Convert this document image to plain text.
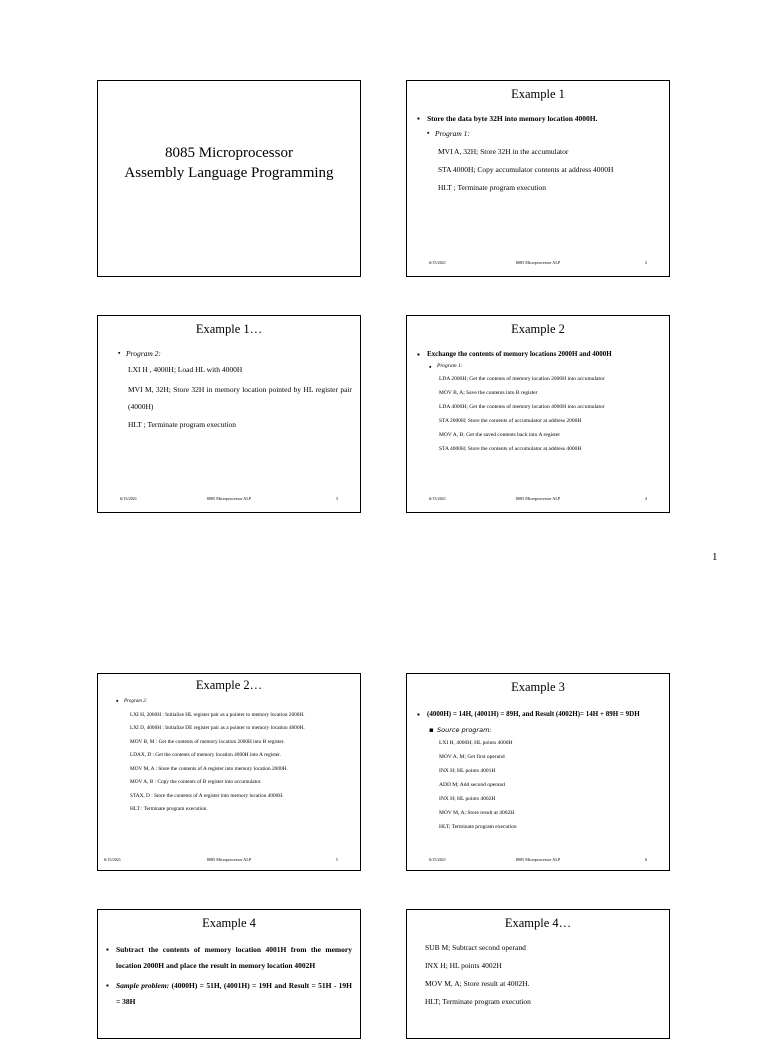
8085 Microprocessor
Assembly Language Programming
Example 1
▪ Store the data byte 32H into memory location 4000H.
▪ Program 1:
MVI A, 32H; Store 32H in the accumulator
STA 4000H; Copy accumulator contents at address 4000H
HLT ; Terminate program execution
6/15/2021	8085 Microprocessor ALP	2
Example 1…
▪ Program 2:
LXI H , 4000H; Load HL with 4000H
MVI M, 32H; Store 32H in memory location pointed by HL register pair (4000H)
HLT ; Terminate program execution
6/15/2021	8085 Microprocessor ALP	3
Example 2
▪ Exchange the contents of memory locations 2000H and 4000H
▪ Program 1:
LDA 2000H; Get the contents of memory location 2000H into accumulator
MOV B, A; Save the contents into B register
LDA 4000H; Get the contents of memory location 4000H into accumulator
STA 2000H; Store the contents of accumulator at address 2000H
MOV A, B; Get the saved contents back into A register
STA 4000H; Store the contents of accumulator at address 4000H
6/15/2021	8085 Microprocessor ALP	4
1
Example 2…
▪ Program 2:
LXI H, 2000H : Initialize HL register pair as a pointer to memory location 2000H.
LXI D, 4000H : Initialize DE register pair as a pointer to memory location 4000H.
MOV B, M : Get the contents of memory location 2000H into B register.
LDAX, D : Get the contents of memory location 4000H into A register.
MOV M, A : Store the contents of A register into memory location 2000H.
MOV A, B : Copy the contents of B register into accumulator.
STAX, D : Store the contents of A register into memory location 4000H.
HLT : Terminate program execution.
6/15/2021	8085 Microprocessor ALP	5
Example 3
▪ (4000H) = 14H, (4001H) = 89H, and Result (4002H)= 14H + 89H = 9DH
▪ Source program:
LXI H, 4000H; HL points 4000H
MOV A, M; Get first operand
INX H; HL points 4001H
ADD M; Add second operand
INX H; HL points 4002H
MOV M, A; Store result at 4002H
HLT; Terminate program execution
6/15/2021	8085 Microprocessor ALP	6
Example 4
▪ Subtract the contents of memory location 4001H from the memory location 2000H and place the result in memory location 4002H
▪ Sample problem: (4000H) = 51H, (4001H) = 19H and Result = 51H - 19H = 38H
Example 4…
SUB M; Subtract second operand
INX H; HL points 4002H
MOV M, A; Store result at 4002H.
HLT; Terminate program execution
